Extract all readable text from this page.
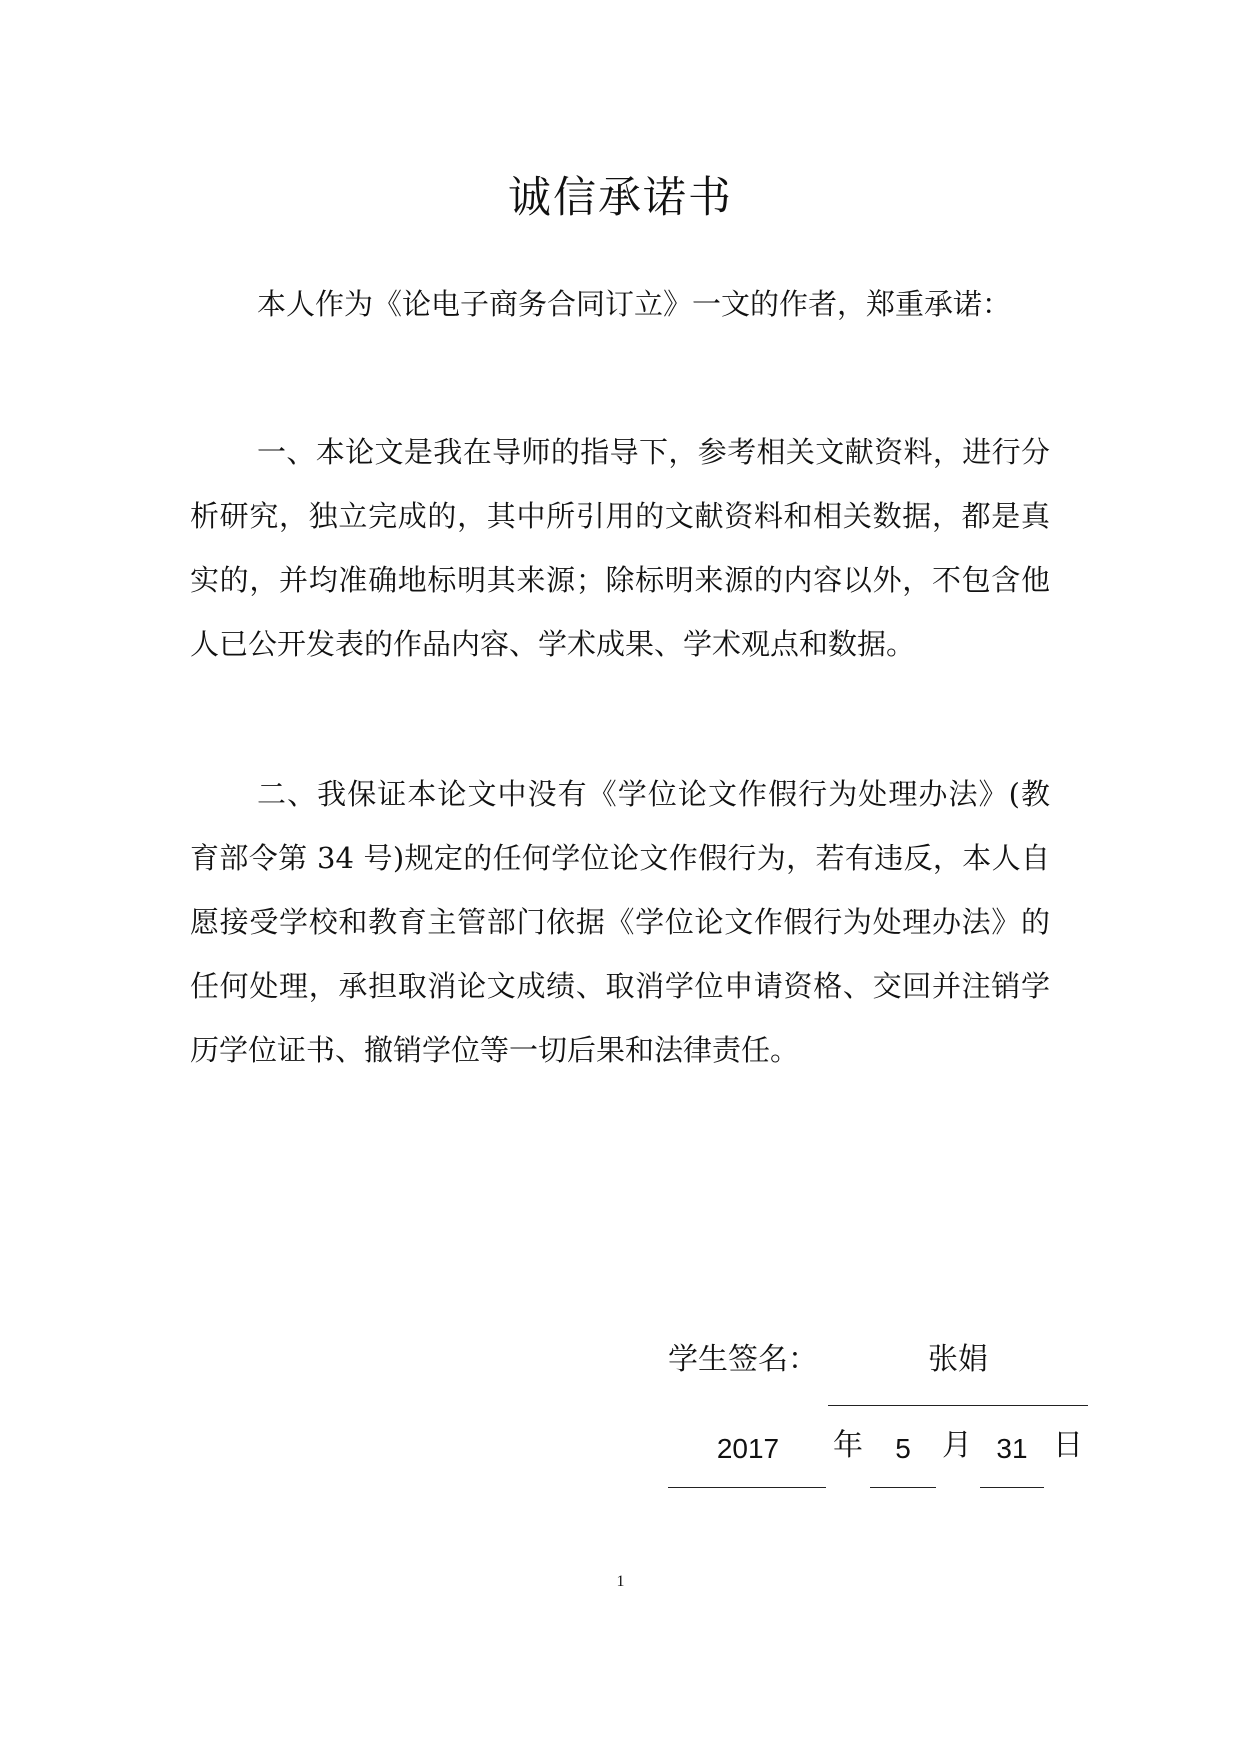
诚信承诺书

本人作为《论电子商务合同订立》一文的作者，郑重承诺：

一、本论文是我在导师的指导下，参考相关文献资料，进行分析研究，独立完成的，其中所引用的文献资料和相关数据，都是真实的，并均准确地标明其来源；除标明来源的内容以外，不包含他人已公开发表的作品内容、学术成果、学术观点和数据。

二、我保证本论文中没有《学位论文作假行为处理办法》(教育部令第 34 号)规定的任何学位论文作假行为，若有违反，本人自愿接受学校和教育主管部门依据《学位论文作假行为处理办法》的任何处理，承担取消论文成绩、取消学位申请资格、交回并注销学历学位证书、撤销学位等一切后果和法律责任。

学生签名：	张娟
2017	年	5	月 31 日
1
